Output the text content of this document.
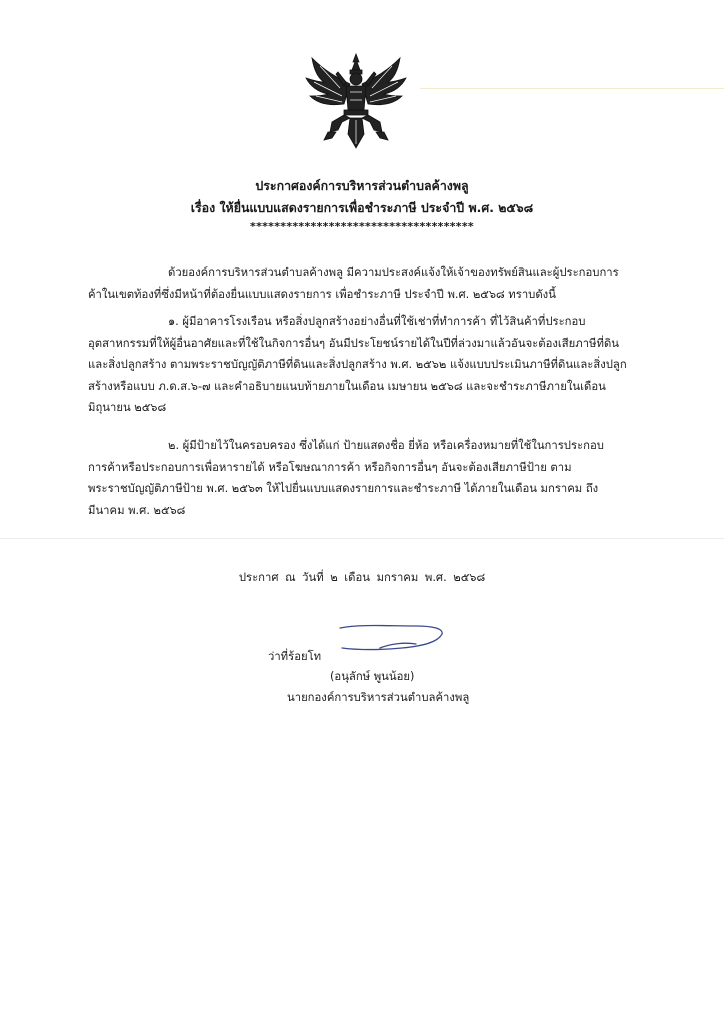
ประกาศองค์การบริหารส่วนตำบลค้างพลู
เรื่อง ให้ยื่นแบบแสดงรายการเพื่อชำระภาษี ประจำปี พ.ศ. ๒๕๖๘
*************************************
ด้วยองค์การบริหารส่วนตำบลค้างพลู มีความประสงค์แจ้งให้เจ้าของทรัพย์สินและผู้ประกอบการ
ค้าในเขตท้องที่ซึ่งมีหน้าที่ต้องยื่นแบบแสดงรายการ เพื่อชำระภาษี ประจำปี พ.ศ. ๒๕๖๘ ทราบดังนี้
๑. ผู้มีอาคารโรงเรือน หรือสิ่งปลูกสร้างอย่างอื่นที่ใช้เช่าที่ทำการค้า ที่ไว้สินค้าที่ประกอบ
อุตสาหกรรมที่ให้ผู้อื่นอาศัยและที่ใช้ในกิจการอื่นๆ อันมีประโยชน์รายได้ในปีที่ล่วงมาแล้วอันจะต้องเสียภาษีที่ดิน
และสิ่งปลูกสร้าง ตามพระราชบัญญัติภาษีที่ดินและสิ่งปลูกสร้าง พ.ศ. ๒๕๖๒ แจ้งแบบประเมินภาษีที่ดินและสิ่งปลูก
สร้างหรือแบบ ภ.ด.ส.๖-๗ และคำอธิบายแนบท้ายภายในเดือน เมษายน ๒๕๖๘ และจะชำระภาษีภายในเดือน
มิถุนายน ๒๕๖๘
๒. ผู้มีป้ายไว้ในครอบครอง ซึ่งได้แก่ ป้ายแสดงชื่อ ยี่ห้อ หรือเครื่องหมายที่ใช้ในการประกอบ
การค้าหรือประกอบการเพื่อหารายได้ หรือโฆษณาการค้า หรือกิจการอื่นๆ อันจะต้องเสียภาษีป้าย ตาม
พระราชบัญญัติภาษีป้าย พ.ศ. ๒๕๖๓ ให้ไปยื่นแบบแสดงรายการและชำระภาษี ได้ภายในเดือน มกราคม ถึง
มีนาคม พ.ศ. ๒๕๖๘
ประกาศ ณ วันที่ ๒ เดือน มกราคม พ.ศ. ๒๕๖๘
ว่าที่ร้อยโท
(อนุลักษ์ พูนน้อย)
นายกองค์การบริหารส่วนตำบลค้างพลู
